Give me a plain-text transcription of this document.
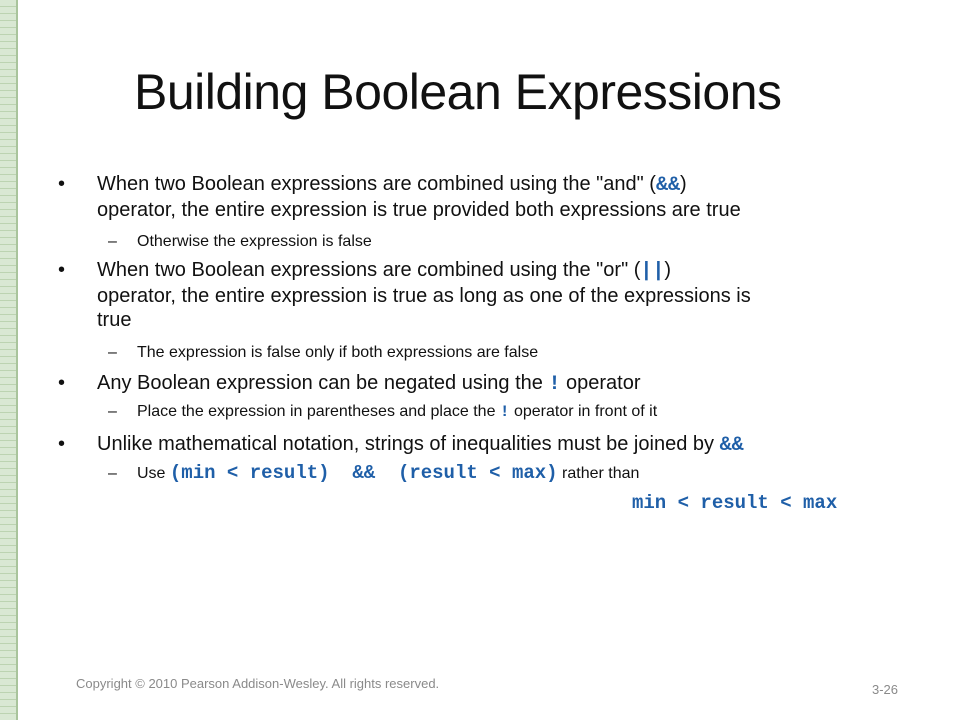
Building Boolean Expressions
• When two Boolean expressions are combined using the "and" (&&)
operator, the entire expression is true provided both expressions are true
– Otherwise the expression is false
• When two Boolean expressions are combined using the "or" (||)
operator, the entire expression is true as long as one of the expressions is
true
– The expression is false only if both expressions are false
• Any Boolean expression can be negated using the ! operator
– Place the expression in parentheses and place the ! operator in front of it
• Unlike mathematical notation, strings of inequalities must be joined by &&
– Use (min < result)  &&  (result < max) rather than
min < result < max
Copyright © 2010 Pearson Addison-Wesley. All rights reserved.	3-26
